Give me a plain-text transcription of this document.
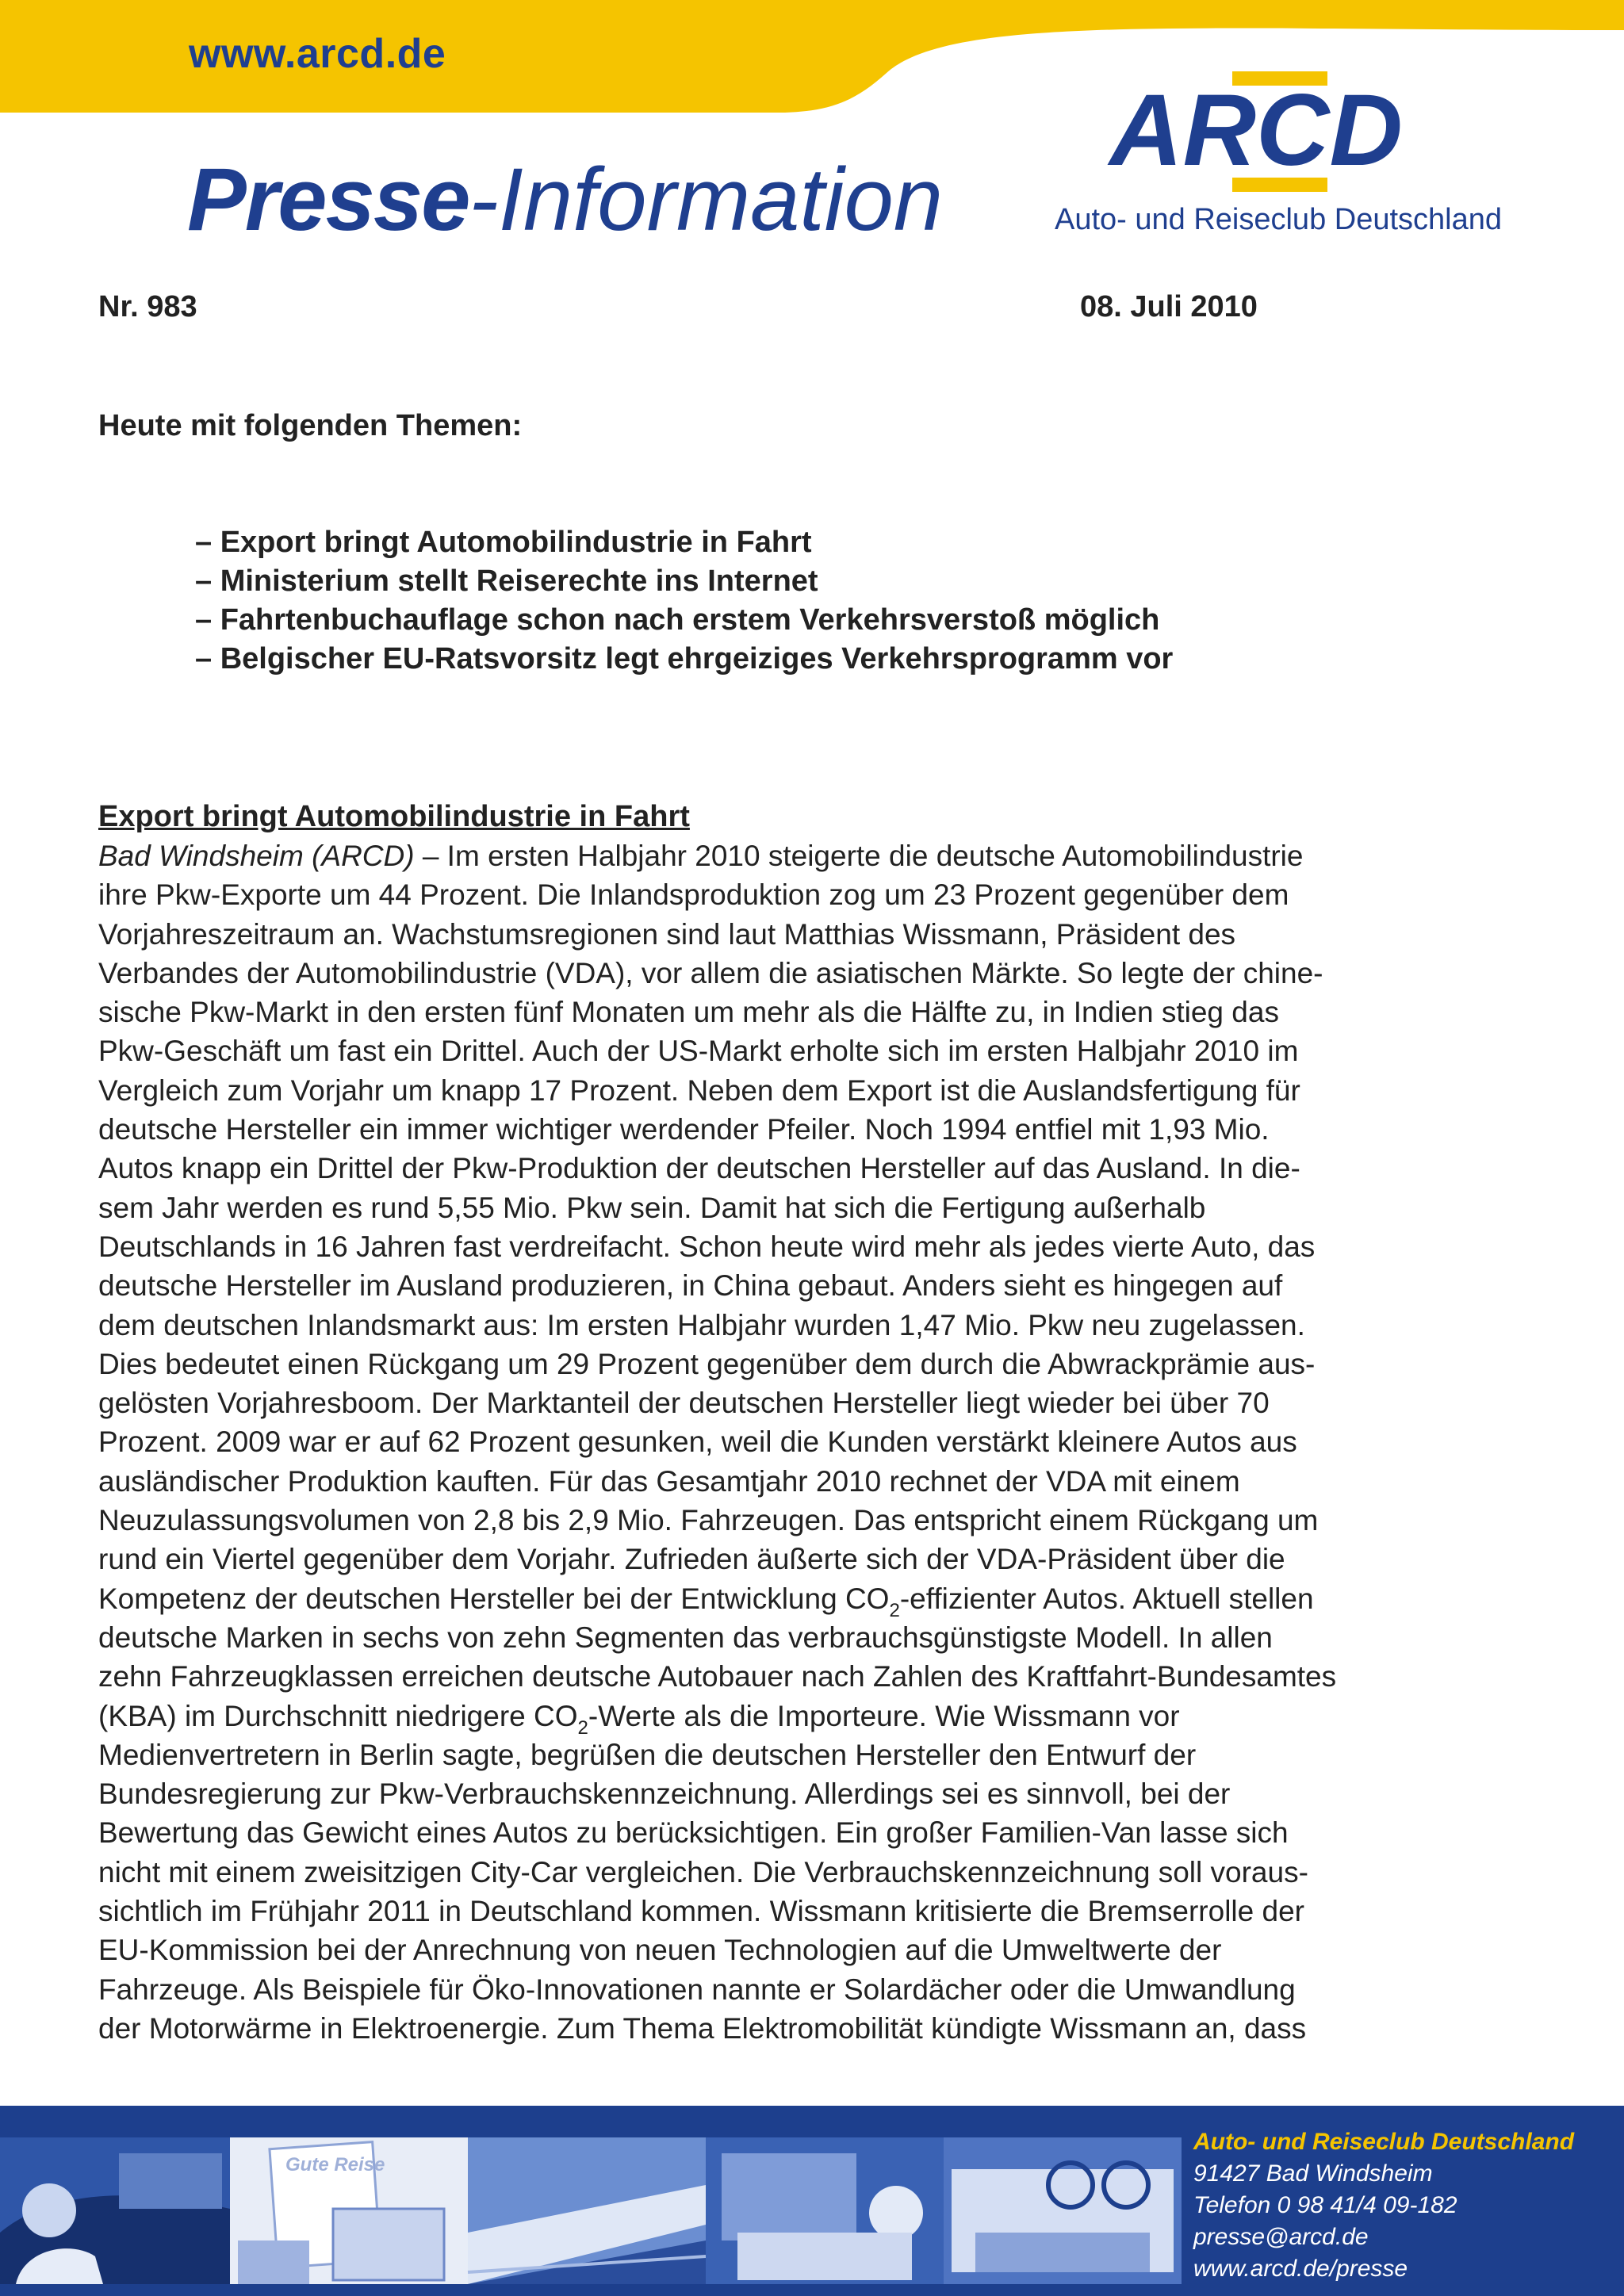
www.arcd.de
Presse-Information
ARCD
Auto- und Reiseclub Deutschland
Nr. 983	08. Juli 2010
Heute mit folgenden Themen:
– Export bringt Automobilindustrie in Fahrt
– Ministerium stellt Reiserechte ins Internet
– Fahrtenbuchauflage schon nach erstem Verkehrsverstoß möglich
– Belgischer EU-Ratsvorsitz legt ehrgeiziges Verkehrsprogramm vor
Export bringt Automobilindustrie in Fahrt
Bad Windsheim (ARCD) – Im ersten Halbjahr 2010 steigerte die deutsche Automobilindustrie
ihre Pkw-Exporte um 44 Prozent. Die Inlandsproduktion zog um 23 Prozent gegenüber dem
Vorjahreszeitraum an. Wachstumsregionen sind laut Matthias Wissmann, Präsident des
Verbandes der Automobilindustrie (VDA), vor allem die asiatischen Märkte. So legte der chine-
sische Pkw-Markt in den ersten fünf Monaten um mehr als die Hälfte zu, in Indien stieg das
Pkw-Geschäft um fast ein Drittel. Auch der US-Markt erholte sich im ersten Halbjahr 2010 im
Vergleich zum Vorjahr um knapp 17 Prozent. Neben dem Export ist die Auslandsfertigung für
deutsche Hersteller ein immer wichtiger werdender Pfeiler. Noch 1994 entfiel mit 1,93 Mio.
Autos knapp ein Drittel der Pkw-Produktion der deutschen Hersteller auf das Ausland. In die-
sem Jahr werden es rund 5,55 Mio. Pkw sein. Damit hat sich die Fertigung außerhalb
Deutschlands in 16 Jahren fast verdreifacht. Schon heute wird mehr als jedes vierte Auto, das
deutsche Hersteller im Ausland produzieren, in China gebaut. Anders sieht es hingegen auf
dem deutschen Inlandsmarkt aus: Im ersten Halbjahr wurden 1,47 Mio. Pkw neu zugelassen.
Dies bedeutet einen Rückgang um 29 Prozent gegenüber dem durch die Abwrackprämie aus-
gelösten Vorjahresboom. Der Marktanteil der deutschen Hersteller liegt wieder bei über 70
Prozent. 2009 war er auf 62 Prozent gesunken, weil die Kunden verstärkt kleinere Autos aus
ausländischer Produktion kauften. Für das Gesamtjahr 2010 rechnet der VDA mit einem
Neuzulassungsvolumen von 2,8 bis 2,9 Mio. Fahrzeugen. Das entspricht einem Rückgang um
rund ein Viertel gegenüber dem Vorjahr. Zufrieden äußerte sich der VDA-Präsident über die
Kompetenz der deutschen Hersteller bei der Entwicklung $CO_2$-effizienter Autos. Aktuell stellen
deutsche Marken in sechs von zehn Segmenten das verbrauchsgünstigste Modell. In allen
zehn Fahrzeugklassen erreichen deutsche Autobauer nach Zahlen des Kraftfahrt-Bundesamtes
(KBA) im Durchschnitt niedrigere $CO_2$-Werte als die Importeure. Wie Wissmann vor
Medienvertretern in Berlin sagte, begrüßen die deutschen Hersteller den Entwurf der
Bundesregierung zur Pkw-Verbrauchskennzeichnung. Allerdings sei es sinnvoll, bei der
Bewertung das Gewicht eines Autos zu berücksichtigen. Ein großer Familien-Van lasse sich
nicht mit einem zweisitzigen City-Car vergleichen. Die Verbrauchskennzeichnung soll voraus-
sichtlich im Frühjahr 2011 in Deutschland kommen. Wissmann kritisierte die Bremserrolle der
EU-Kommission bei der Anrechnung von neuen Technologien auf die Umweltwerte der
Fahrzeuge. Als Beispiele für Öko-Innovationen nannte er Solardächer oder die Umwandlung
der Motorwärme in Elektroenergie. Zum Thema Elektromobilität kündigte Wissmann an, dass
Gute Reise
Auto- und Reiseclub Deutschland
91427 Bad Windsheim
Telefon 0 98 41/4 09-182
presse@arcd.de
www.arcd.de/presse
